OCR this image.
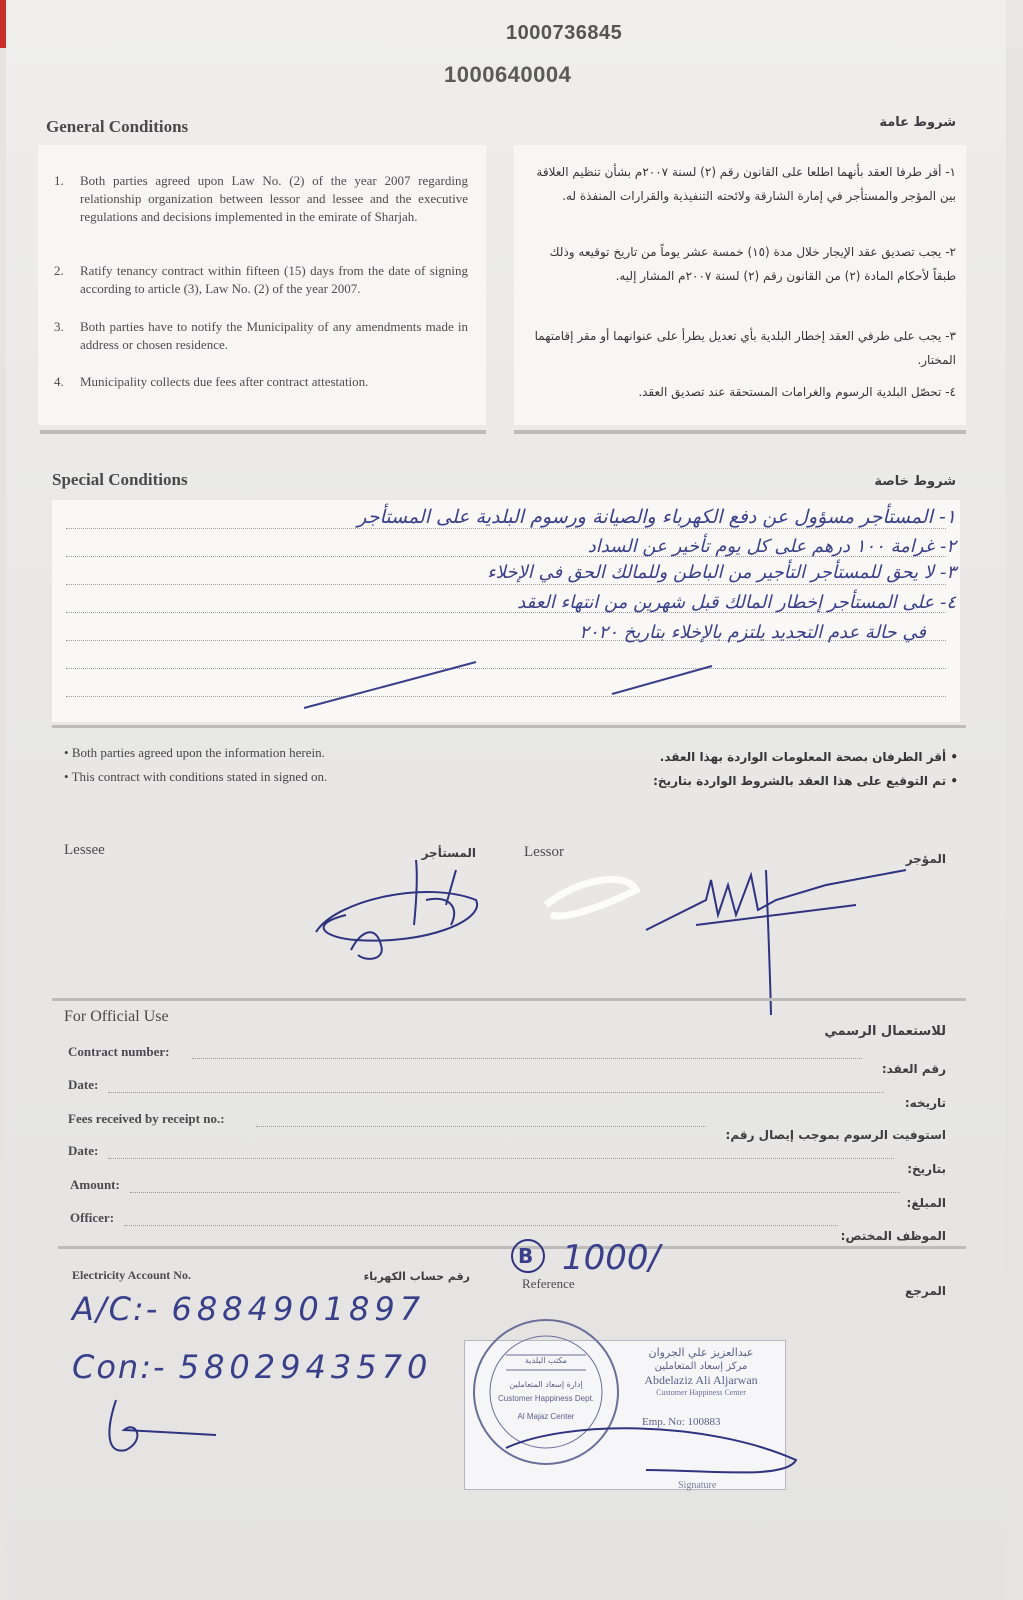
1000736845
1000640004
General Conditions	شروط عامة
1. Both parties agreed upon Law No. (2) of the year 2007 regarding relationship organization between lessor and lessee and the executive regulations and decisions implemented in the emirate of Sharjah.
2. Ratify tenancy contract within fifteen (15) days from the date of signing according to article (3), Law No. (2) of the year 2007.
3. Both parties have to notify the Municipality of any amendments made in address or chosen residence.
4. Municipality collects due fees after contract attestation.
١- أقر طرفا العقد بأنهما اطلعا على القانون رقم (٢) لسنة ٢٠٠٧م بشأن تنظيم العلاقة بين المؤجر والمستأجر في إمارة الشارقة ولائحته التنفيذية والقرارات المنفذة له.
٢- يجب تصديق عقد الإيجار خلال مدة (١٥) خمسة عشر يوماً من تاريخ توقيعه وذلك طبقاً لأحكام المادة (٢) من القانون رقم (٢) لسنة ٢٠٠٧م المشار إليه.
٣- يجب على طرفي العقد إخطار البلدية بأي تعديل يطرأ على عنوانهما أو مقر إقامتهما المختار.
٤- تحصّل البلدية الرسوم والغرامات المستحقة عند تصديق العقد.
Special Conditions	شروط خاصة
١- المستأجر مسؤول عن دفع الكهرباء والصيانة ورسوم البلدية على المستأجر
٢- غرامة ١٠٠ درهم على كل يوم تأخير عن السداد
٣- لا يحق للمستأجر التأجير من الباطن وللمالك الحق في الإخلاء
٤- على المستأجر إخطار المالك قبل شهرين من انتهاء العقد
في حالة عدم التجديد يلتزم بالإخلاء بتاريخ ٢٠٢٠
• Both parties agreed upon the information herein.
• This contract with conditions stated in signed on.
• أقر الطرفان بصحة المعلومات الواردة بهذا العقد.
• تم التوقيع على هذا العقد بالشروط الواردة بتاريخ:
Lessee	المستأجر	Lessor	المؤجر
For Official Use
للاستعمال الرسمي
Contract number:
رقم العقد:
Date:
تاريخه:
Fees received by receipt no.:
استوفيت الرسوم بموجب إيصال رقم:
Date:
بتاريخ:
Amount:
المبلغ:
Officer:
الموظف المختص:
Electricity Account No.	رقم حساب الكهرباء
B 1000/
Reference	المرجع
A/C:- 6884901897
Con:- 5802943570	مكتب البلدية
إدارة إسعاد المتعاملين
Customer Happiness Dept.
Al Majaz Center
عبدالعزيز علي الجروان
مركز إسعاد المتعاملين
Abdelaziz Ali Aljarwan
Customer Happiness Center
Emp. No: 100883
Signature
